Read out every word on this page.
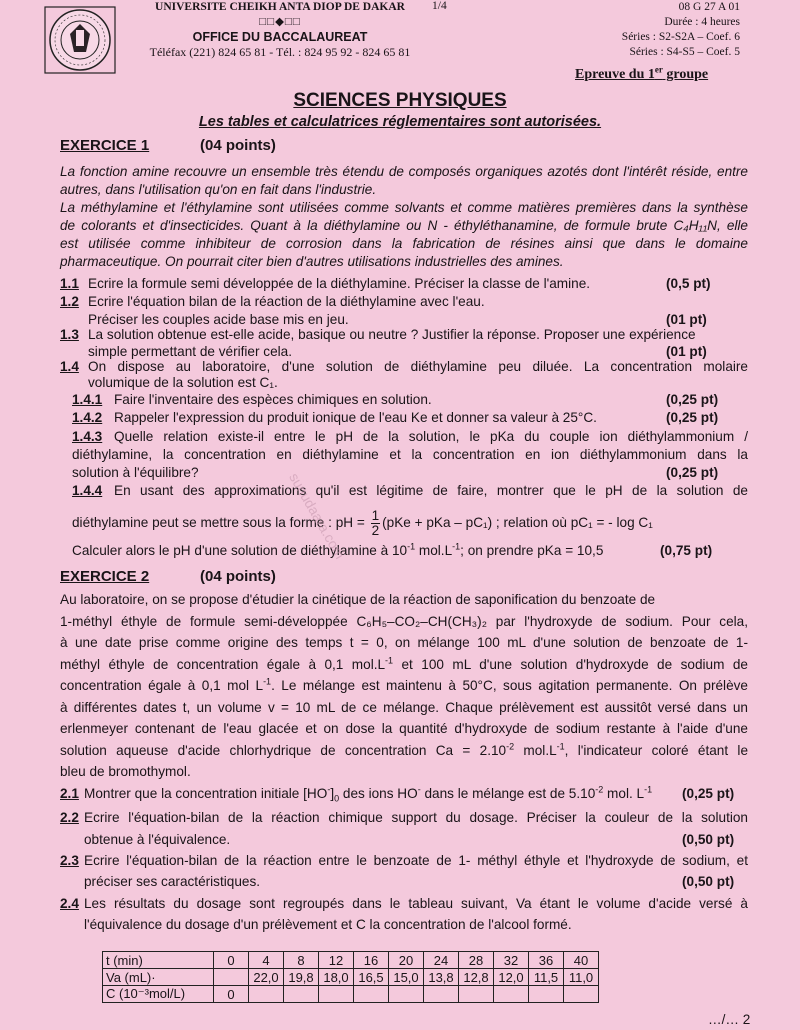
UNIVERSITE CHEIKH ANTA DIOP DE DAKAR
□□◆□□
OFFICE DU BACCALAUREAT
Téléfax (221) 824 65 81 - Tél. : 824 95 92 - 824 65 81
1/4	08 G 27 A 01
Durée : 4 heures
Séries : S2-S2A – Coef. 6
Séries : S4-S5 – Coef. 5
Epreuve du 1er groupe
SCIENCES PHYSIQUES
Les tables et calculatrices réglementaires sont autorisées.
EXERCICE 1	(04 points)
La fonction amine recouvre un ensemble très étendu de composés organiques azotés dont l'intérêt réside, entre
autres, dans l'utilisation qu'on en fait dans l'industrie.
La méthylamine et l'éthylamine sont utilisées comme solvants et comme matières premières dans la synthèse
de colorants et d'insecticides. Quant à la diéthylamine ou N - éthyléthanamine, de formule brute C₄H₁₁N, elle
est utilisée comme inhibiteur de corrosion dans la fabrication de résines ainsi que dans le domaine
pharmaceutique. On pourrait citer bien d'autres utilisations industrielles des amines.
1.1 Ecrire la formule semi développée de la diéthylamine. Préciser la classe de l'amine.	(0,5 pt)
1.2 Ecrire l'équation bilan de la réaction de la diéthylamine avec l'eau.
Préciser les couples acide base mis en jeu.	(01 pt)
1.3 La solution obtenue est-elle acide, basique ou neutre ? Justifier la réponse. Proposer une expérience
simple permettant de vérifier cela.	(01 pt)
1.4 On dispose au laboratoire, d'une solution de diéthylamine peu diluée. La concentration molaire
volumique de la solution est C₁.
1.4.1 Faire l'inventaire des espèces chimiques en solution.	(0,25 pt)
1.4.2 Rappeler l'expression du produit ionique de l'eau Ke et donner sa valeur à 25°C.	(0,25 pt)
1.4.3 Quelle relation existe-il entre le pH de la solution, le pKa du couple ion diéthylammonium /
diéthylamine, la concentration en diéthylamine et la concentration en ion diéthylammonium dans la
solution à l'équilibre?	(0,25 pt)
1.4.4 En usant des approximations qu'il est légitime de faire, montrer que le pH de la solution de
diéthylamine peut se mettre sous la forme : pH = $\frac{1}{2} (pKe$ + pKa – pC₁) ; relation où pC₁ = - log C₁
Calculer alors le pH d'une solution de diéthylamine à $10^{-1}$ $mol.L^{-1}$; on prendre pKa = 10,5	(0,75 pt)
EXERCICE 2	(04 points)
Au laboratoire, on se propose d'étudier la cinétique de la réaction de saponification du benzoate de
1-méthyl éthyle de formule semi-développée C₆H₅–CO₂–CH(CH₃)₂ par l'hydroxyde de sodium. Pour cela,
à une date prise comme origine des temps t = 0, on mélange 100 mL d'une solution de benzoate de 1-
méthyl éthyle de concentration égale à 0,1 $mol.L^{-1}$ et 100 mL d'une solution d'hydroxyde de sodium de
concentration égale à 0,1 mol $L^{-1}$. Le mélange est maintenu à 50°C, sous agitation permanente. On prélève
à différentes dates t, un volume v = 10 mL de ce mélange. Chaque prélèvement est aussitôt versé dans un
erlenmeyer contenant de l'eau glacée et on dose la quantité d'hydroxyde de sodium restante à l'aide d'une
solution aqueuse d'acide chlorhydrique de concentration $Ca = 2.10^{-2}$ $mol.L^{-1}$, l'indicateur coloré étant le
bleu de bromothymol.
2.1 Montrer que la concentration initiale $[HO^-]_0$ des ions HO- dans le mélange est de $5.10^{-2}$ mol. $L^{-1}$ (0,25 pt)
2.2 Ecrire l'équation-bilan de la réaction chimique support du dosage. Préciser la couleur de la solution
obtenue à l'équivalence.	(0,50 pt)
2.3 Ecrire l'équation-bilan de la réaction entre le benzoate de 1- méthyl éthyle et l'hydroxyde de sodium, et
préciser ses caractéristiques.	(0,50 pt)
2.4 Les résultats du dosage sont regroupés dans le tableau suivant, Va étant le volume d'acide versé à
l'équivalence du dosage d'un prélèvement et C la concentration de l'alcool formé.
t (min)	0	4	8	12	16	20	24	28	32	36	40
Va (mL)·		22,0	19,8	18,0	16,5	15,0	13,8	12,8	12,0	11,5	11,0
C (10⁻³mol/L)	0										
…/… 2
sunudaara.com
